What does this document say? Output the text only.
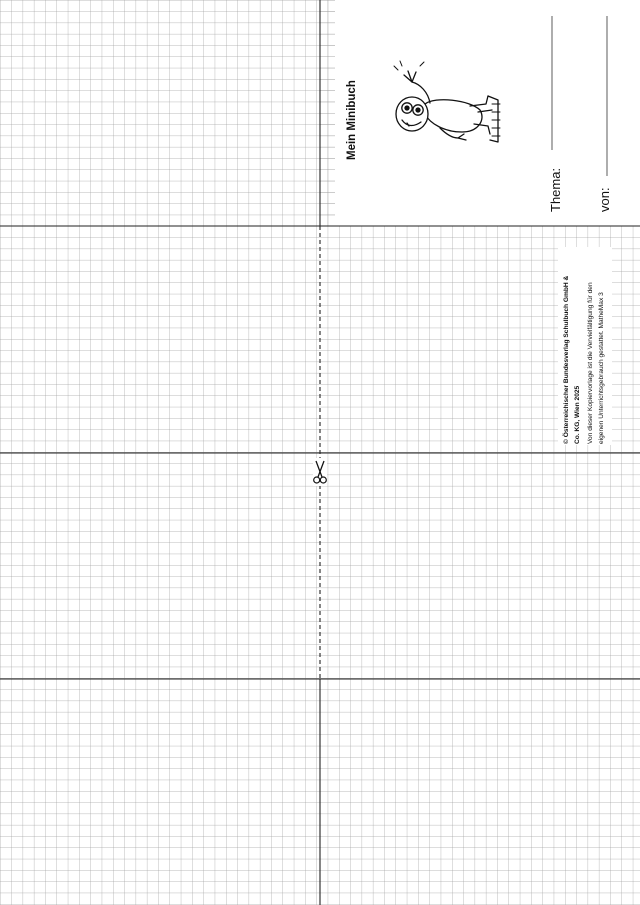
Mein Minibuch
Thema:	von:
© Österreichischer Bundesverlag Schulbuch GmbH & Co. KG, Wien 2025 Von dieser Kopiervorlage ist die Vervielfältigung für den eigenen Unterrichtsgebrauch gestattet. MatheMax 3
